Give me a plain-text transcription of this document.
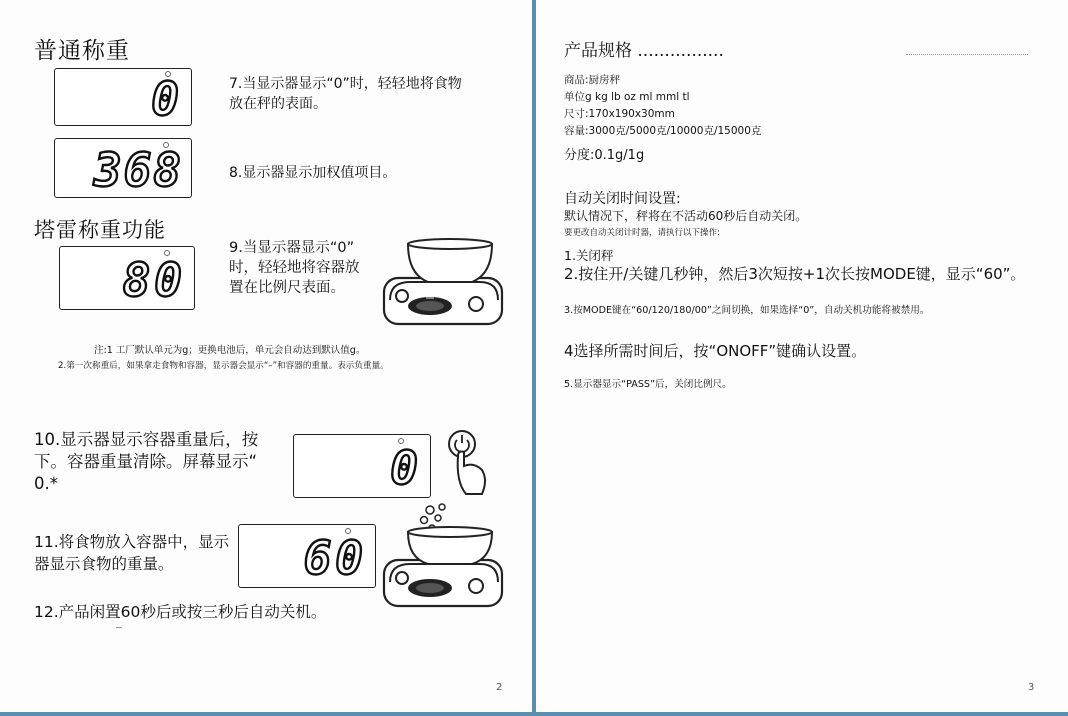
普通称重
0	7.当显示器显示“0”时，轻轻地将食物
放在秤的表面。
368	8.显示器显示加权值项目。
塔雷称重功能
80
9.当显示器显示“0”
时，轻轻地将容器放
置在比例尺表面。
注:1 工厂默认单元为g；更换电池后，单元会自动达到默认值g。
2.第一次称重后，如果拿走食物和容器，显示器会显示“–”和容器的重量。表示负重量。
10.显示器显示容器重量后，按
下。容器重量清除。屏幕显示“
0.*	0
11.将食物放入容器中，显示
器显示食物的重量。	60
12.产品闲置60秒后或按三秒后自动关机。
2
产品规格 ................
商品:厨房秤
单位g kg lb oz ml mml tl
尺寸:170x190x30mm
容量:3000克/5000克/10000克/15000克
分度:0.1g/1g
自动关闭时间设置:
默认情况下，秤将在不活动60秒后自动关闭。
要更改自动关闭计时器，请执行以下操作:
1.关闭秤
2.按住开/关键几秒钟，然后3次短按+1次长按MODE键，显示“60”。
3.按MODE键在“60/120/180/00”之间切换，如果选择“0”，自动关机功能将被禁用。
4选择所需时间后，按“ONOFF”键确认设置。
5.显示器显示“PASS”后，关闭比例尺。
3
